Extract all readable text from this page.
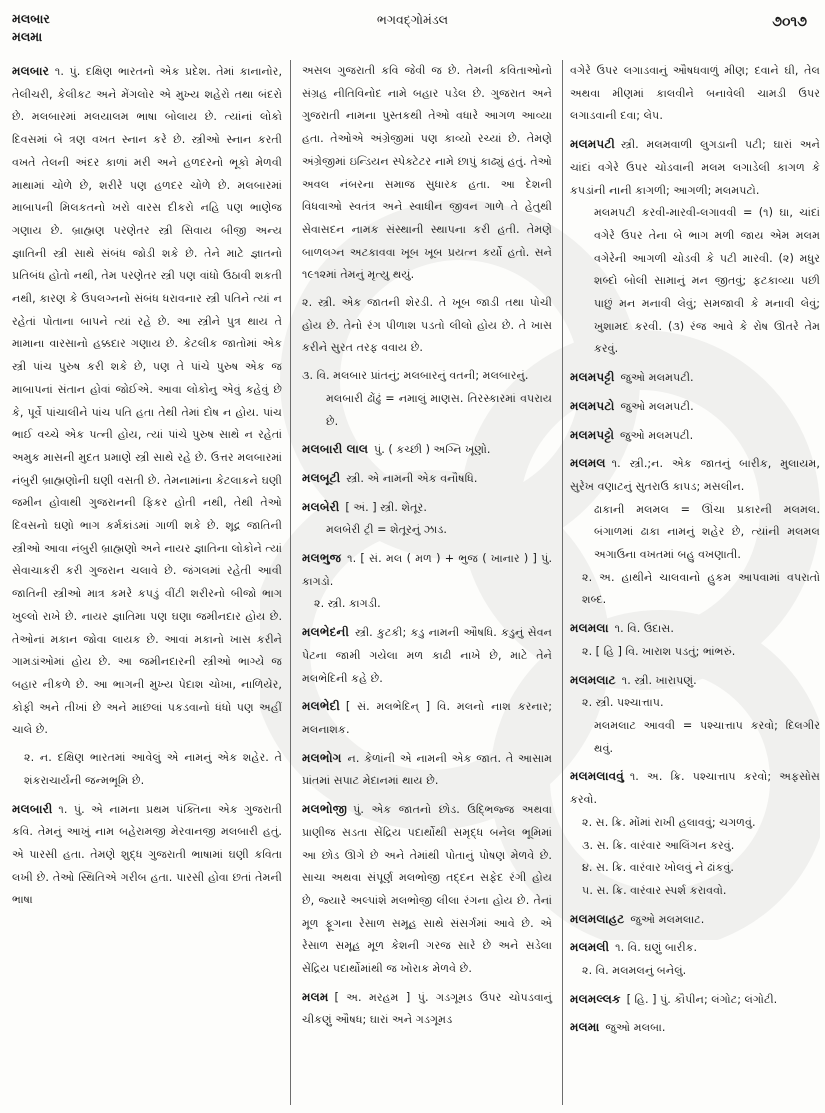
મલબાર
મલમા
ભગવદ્ગોમંડલ	૭૦૧૭

મલબાર ૧. પું. દક્ષિણ ભારતનો એક પ્રદેશ. તેમાં કાનાનોર, તેલીચરી, કેલીકટ અને મેંગલોર એ મુખ્ય શહેરો તથા બંદરો છે. મલબારમાં મલયાલમ ભાષા બોલાય છે. ત્યાંનાં લોકો દિવસમાં બે ત્રણ વખત સ્નાન કરે છે. સ્ત્રીઓ સ્નાન કરતી વખતે તેલની અંદર કાળાં મરી અને હળદરનો ભૂકો મેળવી માથામાં ચોળે છે, શરીરે પણ હળદર ચોળે છે. મલબારમાં માબાપની મિલકતનો ખરો વારસ દીકરો નહિ પણ ભાણેજ ગણાય છે. બ્રાહ્મણ પરણેતર સ્ત્રી સિવાય બીજી અન્ય જ્ઞાતિની સ્ત્રી સાથે સંબંધ જોડી શકે છે. તેને માટે જ્ઞાતનો પ્રતિબંધ હોતો નથી, તેમ પરણેતર સ્ત્રી પણ વાંધો ઉઠાવી શકતી નથી, કારણ કે ઉપલગ્નનો સંબંધ ધરાવનાર સ્ત્રી પતિને ત્યાં ન રહેતાં પોતાના બાપને ત્યાં રહે છે. આ સ્ત્રીને પુત્ર થાય તે મામાના વારસાનો હક્કદાર ગણાય છે. કેટલીક જાતોમાં એક સ્ત્રી પાંચ પુરુષ કરી શકે છે, પણ તે પાંચે પુરુષ એક જ માબાપનાં સંતાન હોવાં જોઈએ. આવા લોકોનુ એવું કહેવું છે કે, પૂર્વે પાંચાલીને પાંચ પતિ હતા તેથી તેમાં દોષ ન હોય. પાંચ ભાઈ વચ્ચે એક પત્ની હોય, ત્યાં પાંચે પુરુષ સાથે ન રહેતાં અમુક માસની મુદત પ્રમાણે સ્ત્રી સાથે રહે છે. ઉત્તર મલબારમાં નંબુરી બ્રાહ્મણોની ઘણી વસતી છે. તેમનામાંના કેટલાકને ઘણી જમીન હોવાથી ગુજરાનની ફિકર હોતી નથી, તેથી તેઓ દિવસનો ઘણો ભાગ કર્મકાંડમાં ગાળી શકે છે. શૂદ્ર જાતિની સ્ત્રીઓ આવા નંબુરી બ્રાહ્મણો અને નાયર જ્ઞાતિના લોકોને ત્યાં સેવાચાકરી કરી ગુજરાન ચલાવે છે. જંગલમાં રહેતી આવી જાતિની સ્ત્રીઓ માત્ર કમરે કપડું વીંટી શરીરનો બીજો ભાગ ખુલ્લો રાખે છે. નાયર જ્ઞાતિમા પણ ઘણા જમીનદાર હોય છે. તેઓનાં મકાન જોવા લાયક છે. આવાં મકાનો ખાસ કરીને ગામડાંઓમાં હોય છે. આ જમીનદારની સ્ત્રીઓ ભાગ્યે જ બહાર નીકળે છે. આ ભાગની મુખ્ય પેદાશ ચોખા, નાળિયેર, કોફી અને તીખાં છે અને માછલાં પકડવાનો ધંધો પણ અહીં ચાલે છે.

૨. ન. દક્ષિણ ભારતમાં આવેલું એ નામનું એક શહેર. તે શંકરાચાર્યની જન્મભૂમિ છે.

મલબારી ૧. પું. એ નામના પ્રથમ પંક્તિના એક ગુજરાતી કવિ. તેમનું આખું નામ બહેરામજી મેરવાનજી મલબારી હતું. એ પારસી હતા. તેમણે શુદ્ધ ગુજરાતી ભાષામાં ઘણી કવિતા લખી છે. તેઓ સ્થિતિએ ગરીબ હતા. પારસી હોવા છતાં તેમની ભાષા

અસલ ગુજરાતી કવિ જેવી જ છે. તેમની કવિતાઓનો સંગ્રહ નીતિવિનોદ નામે બહાર પડેલ છે. ગુજરાત અને ગુજરાતી નામના પુસ્તકથી તેઓ વધારે આગળ આવ્યા હતા. તેઓએ અંગ્રેજીમાં પણ કાવ્યો રચ્યાં છે. તેમણે અંગ્રેજીમાં ઇન્ડિયન સ્પેક્ટેટર નામે છાપું કાઢ્યું હતું. તેઓ અવલ નંબરના સમાજ સુધારક હતા. આ દેશની વિધવાઓ સ્વતંત્ર અને સ્વાધીન જીવન ગાળે તે હેતુથી સેવાસદન નામક સંસ્થાની સ્થાપના કરી હતી. તેમણે બાળલગ્ન અટકાવવા ખૂબ ખૂબ પ્રયત્ન કર્યો હતો. સને ૧૯૧૨માં તેમનું મૃત્યુ થયું.

૨. સ્ત્રી. એક જાતની શેરડી. તે ખૂબ જાડી તથા પોચી હોય છે. તેનો રંગ પીળાશ પડતો લીલો હોય છે. તે ખાસ કરીને સુરત તરફ વવાય છે.

૩. વિ. મલબાર પ્રાંતનું; મલબારનું વતની; મલબારનું.

મલબારી ઢોંઢું = નમાલું માણસ. તિરસ્કારમાં વપરાય છે.

મલબારી લાલ પું. ( કચ્છી ) અગ્નિ ખૂણો.

મલબૂટી સ્ત્રી. એ નામની એક વનૌષધિ.

મલબેરી [ અં. ] સ્ત્રી. શેતૂર.

મલબેરી ટ્રી = શેતૂરનું ઝાડ.

મલભુજ ૧. [ સં. મલ ( મળ ) + ભુજ ( ખાનાર ) ] પું. કાગડો.

૨. સ્ત્રી. કાગડી.

મલભેદની સ્ત્રી. કુટકી; કડુ નામની ઔષધિ. કડુનું સેવન પેટના જામી ગયેલા મળ કાઢી નાખે છે, માટે તેને મલભેદિની કહે છે.

મલભેદી [ સં. મલભેદિન્ ] વિ. મલનો નાશ કરનાર; મલનાશક.

મલભોગ ન. કેળાંની એ નામની એક જાત. તે આસામ પ્રાંતમાં સપાટ મેદાનમાં થાય છે.

મલભોજી પું. એક જાતનો છોડ. ઉદ્ભિજ્જ અથવા પ્રાણીજ સડતા સેંદ્રિય પદાર્થોથી સમૃદ્ધ બનેલ ભૂમિમાં આ છોડ ઊગે છે અને તેમાંથી પોતાનું પોષણ મેળવે છે. સાચા અથવા સંપૂર્ણ મલભોજી તદ્દન સફેદ રંગી હોય છે, જ્યારે અલ્પાંશે મલભોજી લીલા રંગના હોય છે. તેનાં મૂળ ફૂગના રેસાળ સમૂહ સાથે સંસર્ગમાં આવે છે. એ રેસાળ સમૂહ મૂળ કેશની ગરજ સારે છે અને સડેલા સેંદ્રિય પદાર્થોમાંથી જ ખોરાક મેળવે છે.

મલમ [ અ. મરહમ ] પું. ગડગૂમડ ઉપર ચોપડવાનું ચીકણું ઔષધ; ઘારાં અને ગડગૂમડ

વગેરે ઉપર લગાડવાનું ઔષધવાળું મીણ; દવાને ઘી, તેલ અથવા મીણમાં કાલવીને બનાવેલી ચામડી ઉપર લગાડવાની દવા; લેપ.

મલમપટી સ્ત્રી. મલમવાળી લુગડાની પટી; ઘારાં અને ચાંદાં વગેરે ઉપર ચોડવાની મલમ લગાડેલી કાગળ કે કપડાંની નાની કાગળી; આગળી; મલમપટો.

મલમપટી કરવી-મારવી-લગાવવી = (૧) ઘા, ચાંદાં વગેરે ઉપર તેના બે ભાગ મળી જાય એમ મલમ વગેરેની આગળી ચોડવી કે પટી મારવી. (૨) મધુર શબ્દો બોલી સામાનું મન જીતવું; ફટકાવ્યા પછી પાછું મન મનાવી લેવું; સમજાવી કે મનાવી લેવું; ખુશામદ કરવી. (૩) રંજ આવે કે રોષ ઊતરે તેમ કરવું.

મલમપટ્ટી જુઓ મલમપટી.

મલમપટો જુઓ મલમપટી.

મલમપટ્ટો જુઓ મલમપટી.

મલમલ ૧. સ્ત્રી.;ન. એક જાતનું બારીક, મુલાયમ, સુરેખ વણાટનું સુતરાઉ કાપડ; મસલીન.

ઢાકાની મલમલ = ઊંચા પ્રકારની મલમલ. બંગાળમાં ઢાકા નામનું શહેર છે, ત્યાંની મલમલ અગાઉના વખતમાં બહુ વખણાતી.

૨. અ. હાથીને ચાલવાનો હુકમ આપવામાં વપરાતો શબ્દ.

મલમલા ૧. વિ. ઉદાસ.

૨. [ હિ ] વિ. ખારાશ પડતું; ભાંભરું.

મલમલાટ ૧. સ્ત્રી. ખારાપણું.

૨. સ્ત્રી. પશ્ચાત્તાપ.

મલમલાટ આવવી = પશ્ચાત્તાપ કરવો; દિલગીર થવું.

મલમલાવવું ૧. અ. ક્રિ. પશ્ચાત્તાપ કરવો; અફસોસ કરવો.

૨. સ. ક્રિ. મોંમાં રાખી હલાવવું; ચગળવું.

૩. સ. ક્રિ. વારંવાર આલિંગન કરવું.

૪. સ. ક્રિ. વારંવાર ખોલવું ને ઢાંકવું.

૫. સ. ક્રિ. વારંવાર સ્પર્શ કરાવવો.

મલમલાહટ જુઓ મલમલાટ.

મલમલી ૧. વિ. ઘણું બારીક.

૨. વિ. મલમલનું બનેલું.

મલમલ્લક [ હિ. ] પું. કૌપીન; લંગોટ; લંગોટી.

મલમા જુઓ મલબા.
